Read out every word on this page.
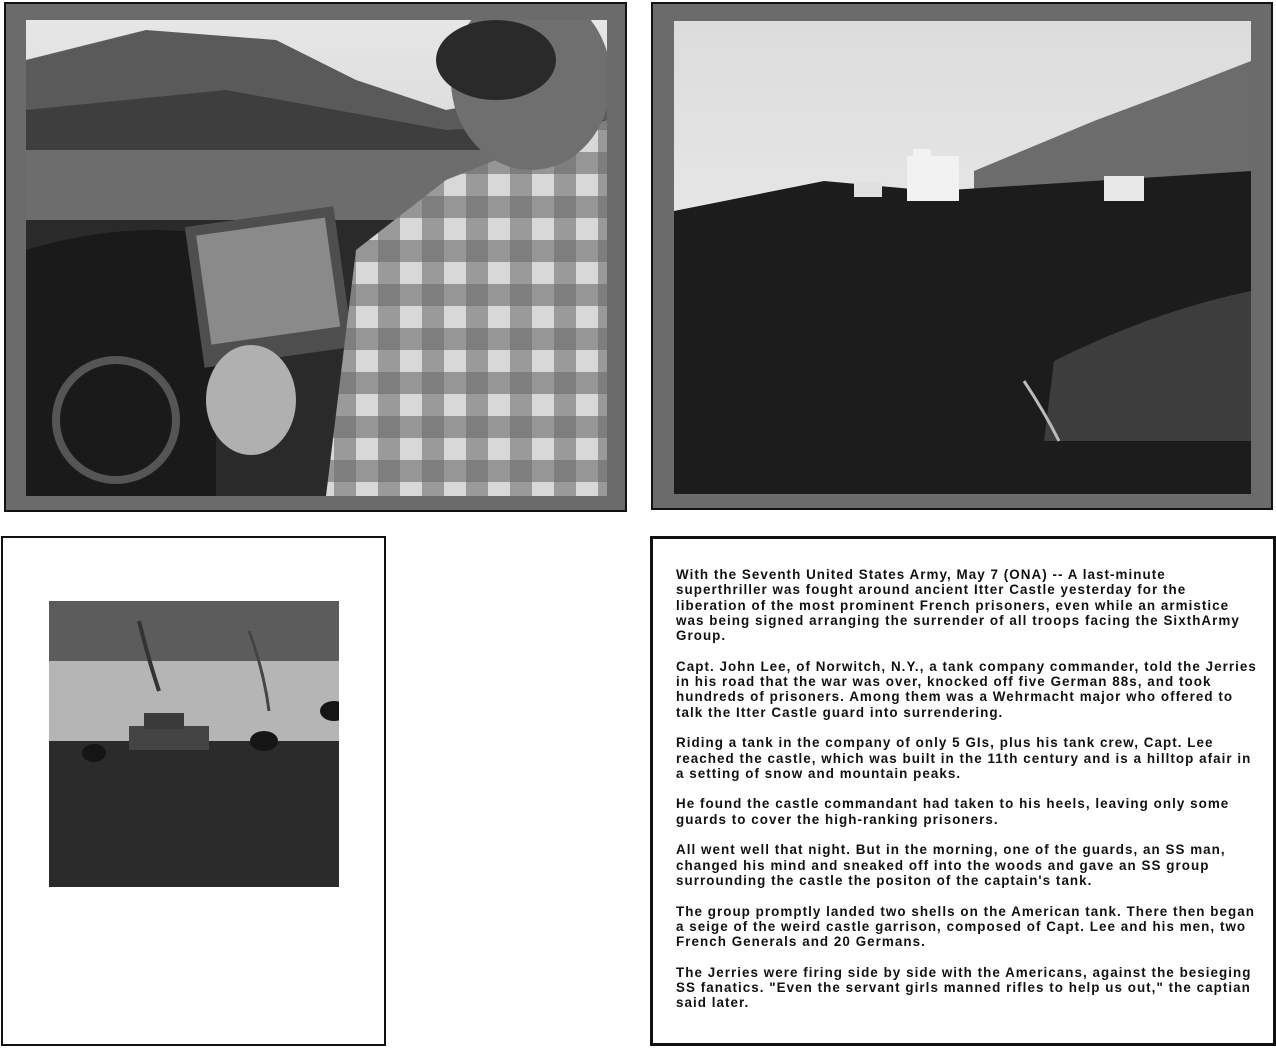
With the Seventh United States Army, May 7 (ONA) -- A last-minute superthriller was fought around ancient Itter Castle yesterday for the liberation of the most prominent French prisoners, even while an armistice was being signed arranging the surrender of all troops facing the SixthArmy Group.

Capt. John Lee, of Norwitch, N.Y., a tank company commander, told the Jerries in his road that the war was over, knocked off five German 88s, and took hundreds of prisoners. Among them was a Wehrmacht major who offered to talk the Itter Castle guard into surrendering.

Riding a tank in the company of only 5 GIs, plus his tank crew, Capt. Lee reached the castle, which was built in the 11th century and is a hilltop afair in a setting of snow and mountain peaks.

He found the castle commandant had taken to his heels, leaving only some guards to cover the high-ranking prisoners.

All went well that night. But in the morning, one of the guards, an SS man, changed his mind and sneaked off into the woods and gave an SS group surrounding the castle the positon of the captain's tank.

The group promptly landed two shells on the American tank. There then began a seige of the weird castle garrison, composed of Capt. Lee and his men, two French Generals and 20 Germans.

The Jerries were firing side by side with the Americans, against the besieging SS fanatics. "Even the servant girls manned rifles to help us out," the captian said later.
